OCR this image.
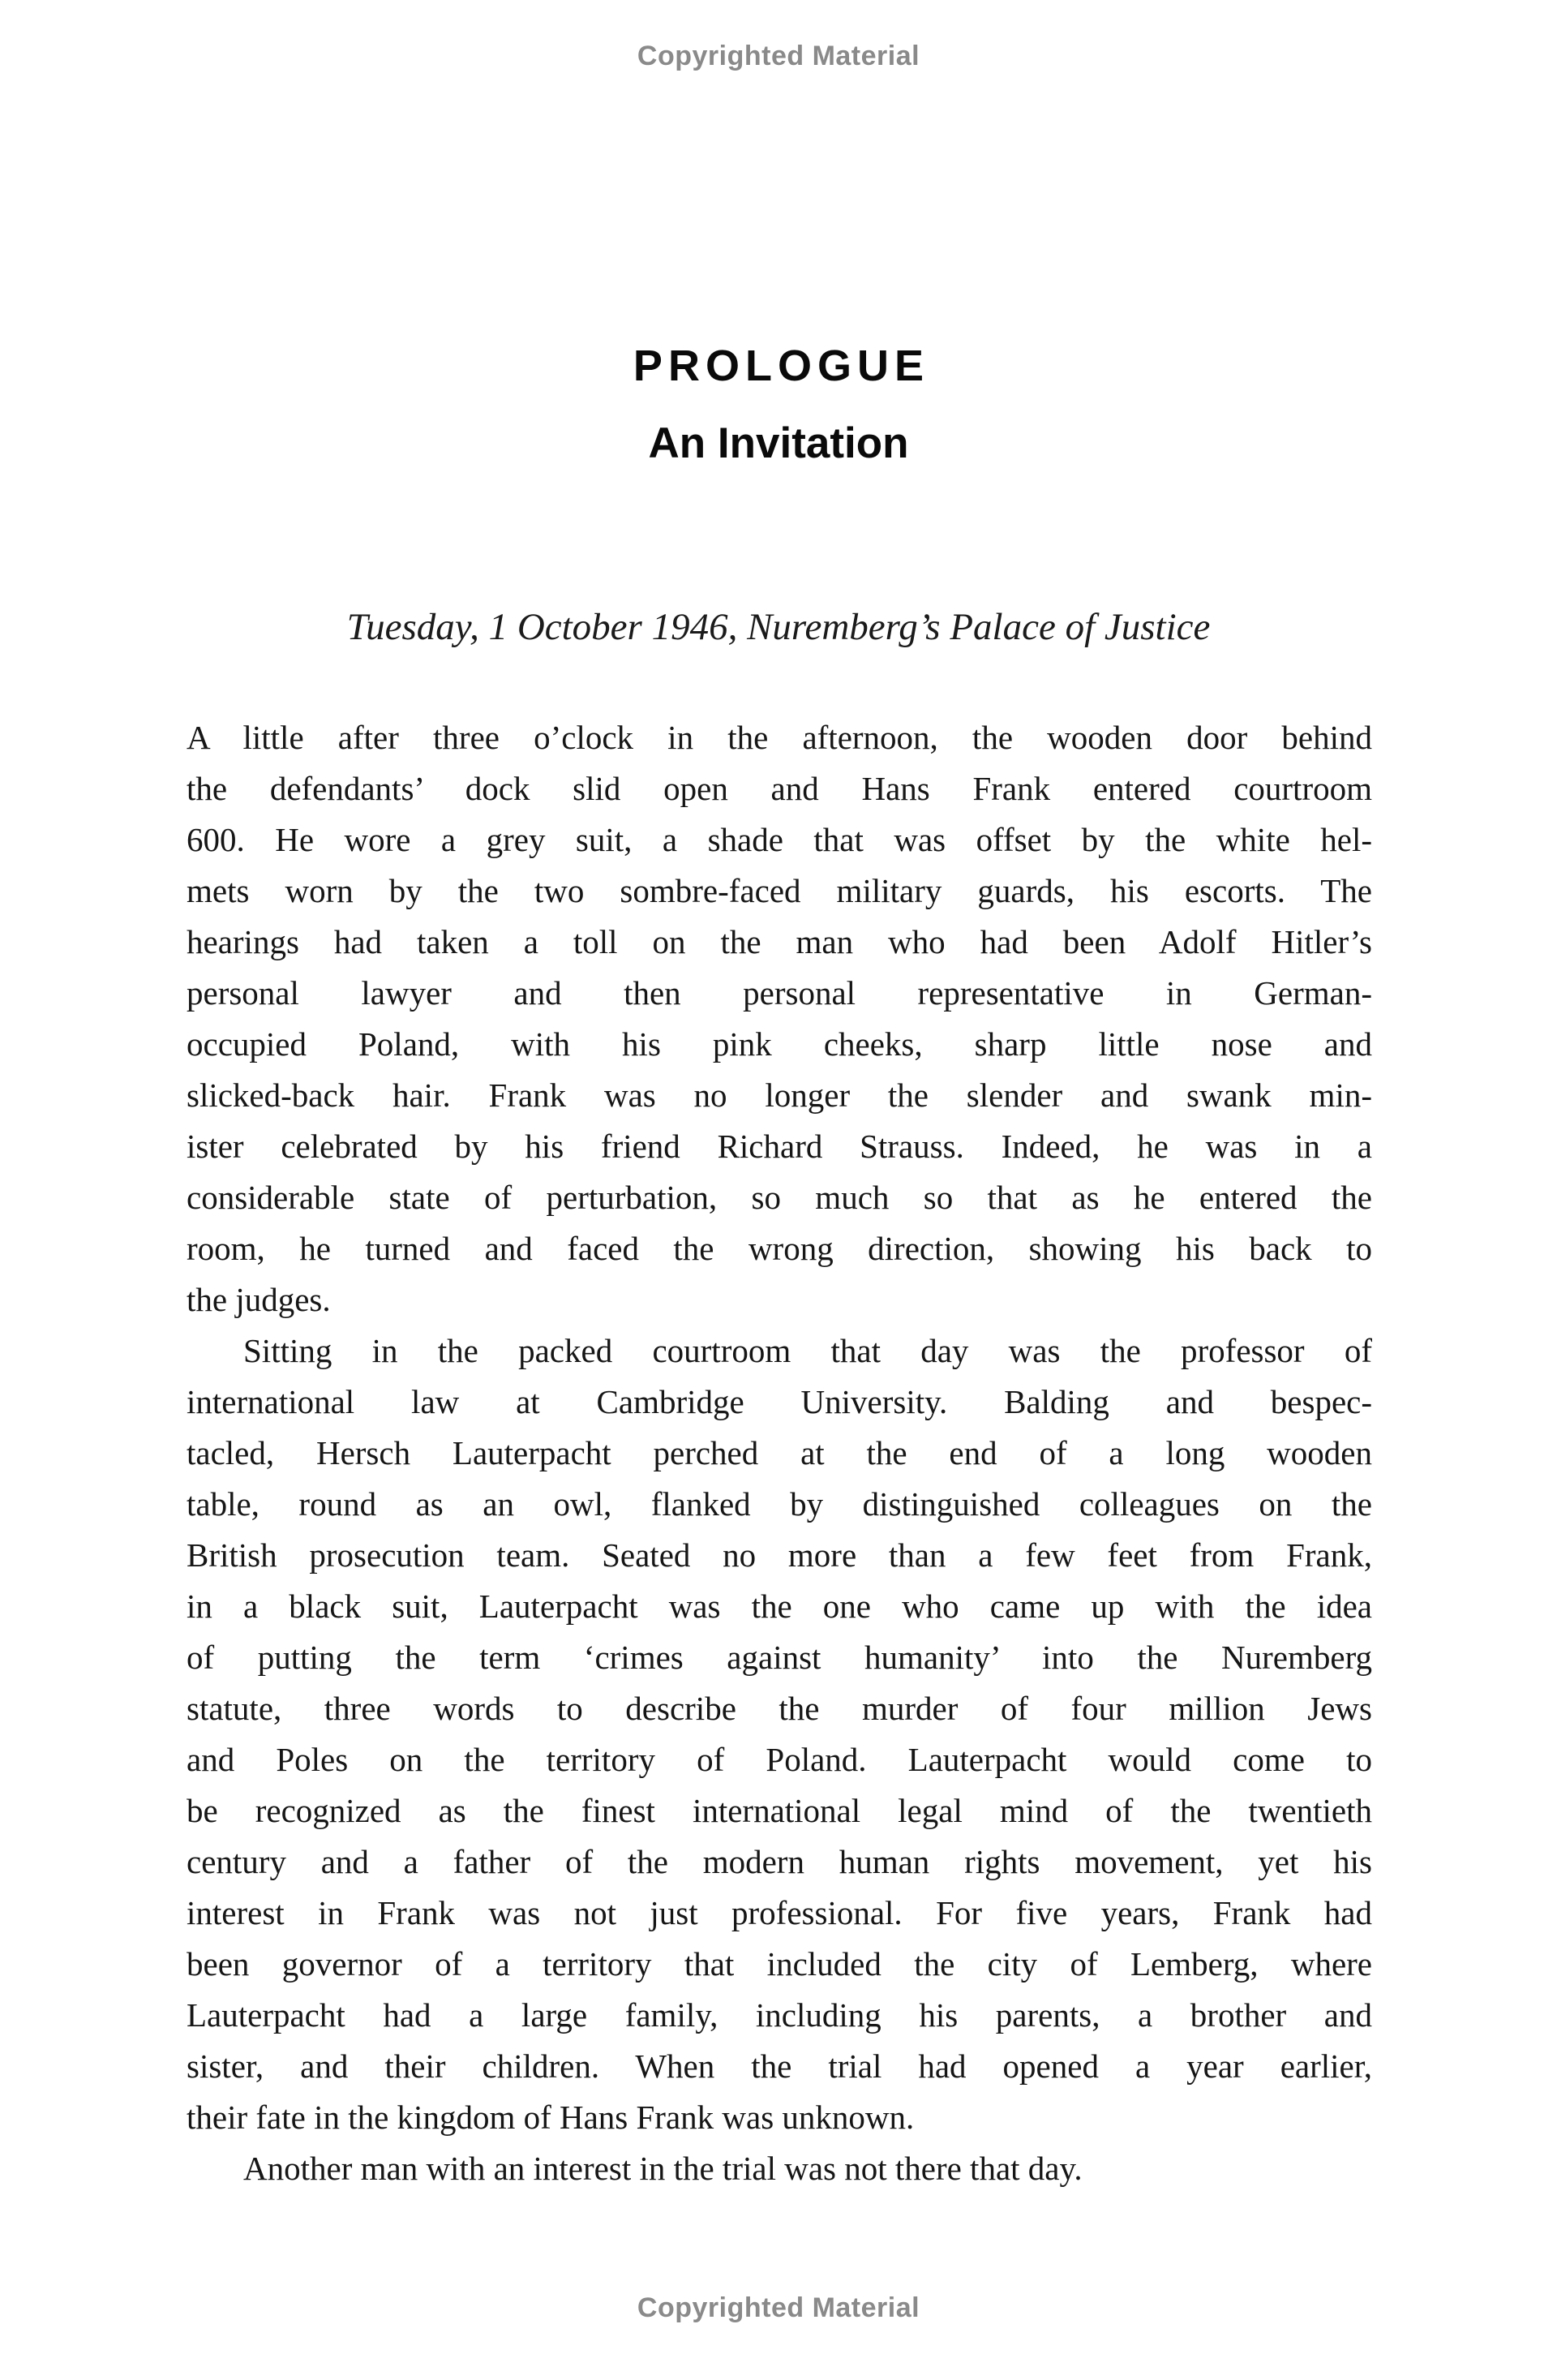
Copyrighted Material
PROLOGUE
An Invitation
Tuesday, 1 October 1946, Nuremberg’s Palace of Justice
A little after three o’clock in the afternoon, the wooden door behind
the defendants’ dock slid open and Hans Frank entered courtroom
600. He wore a grey suit, a shade that was offset by the white hel-
mets worn by the two sombre-faced military guards, his escorts. The
hearings had taken a toll on the man who had been Adolf Hitler’s
personal lawyer and then personal representative in German-
occupied Poland, with his pink cheeks, sharp little nose and
slicked-back hair. Frank was no longer the slender and swank min-
ister celebrated by his friend Richard Strauss. Indeed, he was in a
considerable state of perturbation, so much so that as he entered the
room, he turned and faced the wrong direction, showing his back to
the judges.
Sitting in the packed courtroom that day was the professor of
international law at Cambridge University. Balding and bespec-
tacled, Hersch Lauterpacht perched at the end of a long wooden
table, round as an owl, flanked by distinguished colleagues on the
British prosecution team. Seated no more than a few feet from Frank,
in a black suit, Lauterpacht was the one who came up with the idea
of putting the term ‘crimes against humanity’ into the Nuremberg
statute, three words to describe the murder of four million Jews
and Poles on the territory of Poland. Lauterpacht would come to
be recognized as the finest international legal mind of the twentieth
century and a father of the modern human rights movement, yet his
interest in Frank was not just professional. For five years, Frank had
been governor of a territory that included the city of Lemberg, where
Lauterpacht had a large family, including his parents, a brother and
sister, and their children. When the trial had opened a year earlier,
their fate in the kingdom of Hans Frank was unknown.
Another man with an interest in the trial was not there that day.
Copyrighted Material
